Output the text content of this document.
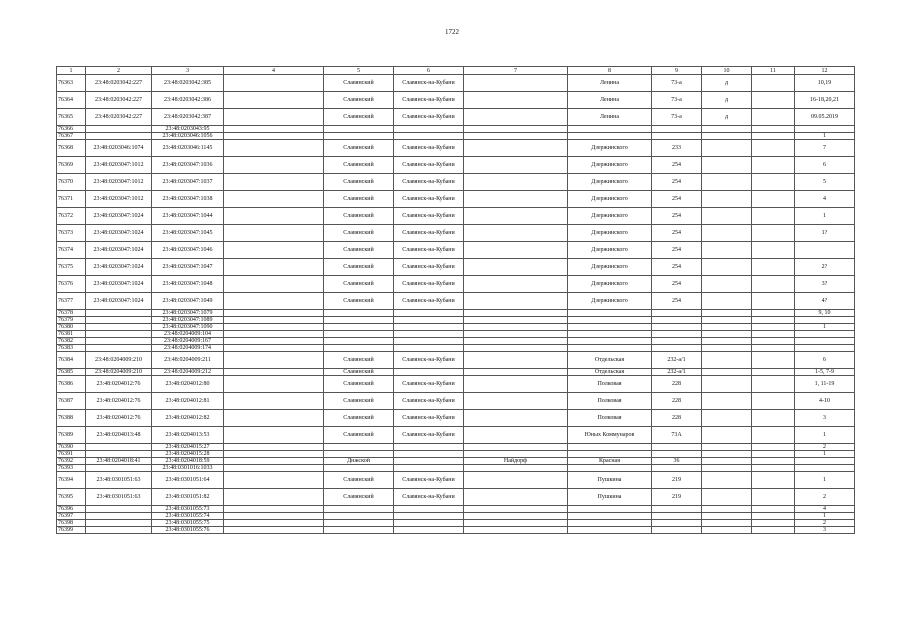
1722
1	2	3	4	5	6	7	8	9	10	11	12
76363	23:48:0203042:227	23:48:0203042:385		Славянский	Славянск-на-Кубани		Ленина	73-а	д		10,19
76364	23:48:0203042:227	23:48:0203042:386		Славянский	Славянск-на-Кубани		Ленина	73-а	д		16-18,20,21
76365	23:48:0203042:227	23:48:0203042:387		Славянский	Славянск-на-Кубани		Ленина	73-а	д		09.05.2019
76366		23:48:0203043:95									
76367		23:48:0203046:1056									1
76368	23:48:0203046:1074	23:48:0203046:1145		Славянский	Славянск-на-Кубани		Дзержинского	233			7
76369	23:48:0203047:1012	23:48:0203047:1036		Славянский	Славянск-на-Кубани		Дзержинского	254			6
76370	23:48:0203047:1012	23:48:0203047:1037		Славянский	Славянск-на-Кубани		Дзержинского	254			5
76371	23:48:0203047:1012	23:48:0203047:1038		Славянский	Славянск-на-Кубани		Дзержинского	254			4
76372	23:48:0203047:1024	23:48:0203047:1044		Славянский	Славянск-на-Кубани		Дзержинского	254			1
76373	23:48:0203047:1024	23:48:0203047:1045		Славянский	Славянск-на-Кубани		Дзержинского	254			1?
76374	23:48:0203047:1024	23:48:0203047:1046		Славянский	Славянск-на-Кубани		Дзержинского	254			
76375	23:48:0203047:1024	23:48:0203047:1047		Славянский	Славянск-на-Кубани		Дзержинского	254			2?
76376	23:48:0203047:1024	23:48:0203047:1048		Славянский	Славянск-на-Кубани		Дзержинского	254			3?
76377	23:48:0203047:1024	23:48:0203047:1049		Славянский	Славянск-на-Кубани		Дзержинского	254			4?
76378		23:48:0203047:1079									9, 10
76379		23:48:0203047:1089									
76380		23:48:0203047:1090									1
76381		23:48:0204009:104									
76382		23:48:0204009:167									
76383		23:48:0204009:174									
76384	23:48:0204009:210	23:48:0204009:211		Славянский	Славянск-на-Кубани		Отдельская	232-а/1			6
76385	23:48:0204009:210	23:48:0204009:212		Славянский			Отдельская	232-а/1			1-5, 7-9
76386	23:48:0204012:76	23:48:0204012:80		Славянский	Славянск-на-Кубани		Полковая	228			1, 11-19
76387	23:48:0204012:76	23:48:0204012:81		Славянский	Славянск-на-Кубани		Полковая	228			4-10
76388	23:48:0204012:76	23:48:0204012:82		Славянский	Славянск-на-Кубани		Полковая	228			3
76389	23:48:0204013:48	23:48:0204013:53		Славянский	Славянск-на-Кубани		Юных Коммунаров	73А			1
76390		23:48:0204015:27									2
76391		23:48:0204015:28									1
76392	23:48:0204018:41	23:48:0204018:59		Днжской		Найдорф	Красная	36			
76393		23:48:0301016:1033									
76394	23:48:0301051:63	23:48:0301051:64		Славянский	Славянск-на-Кубани		Пушкина	219			1
76395	23:48:0301051:63	23:48:0301051:82		Славянский	Славянск-на-Кубани		Пушкина	219			2
76396		23:48:0301055:73									4
76397		23:48:0301055:74									1
76398		23:48:0301055:75									2
76399		23:48:0301055:76									3
